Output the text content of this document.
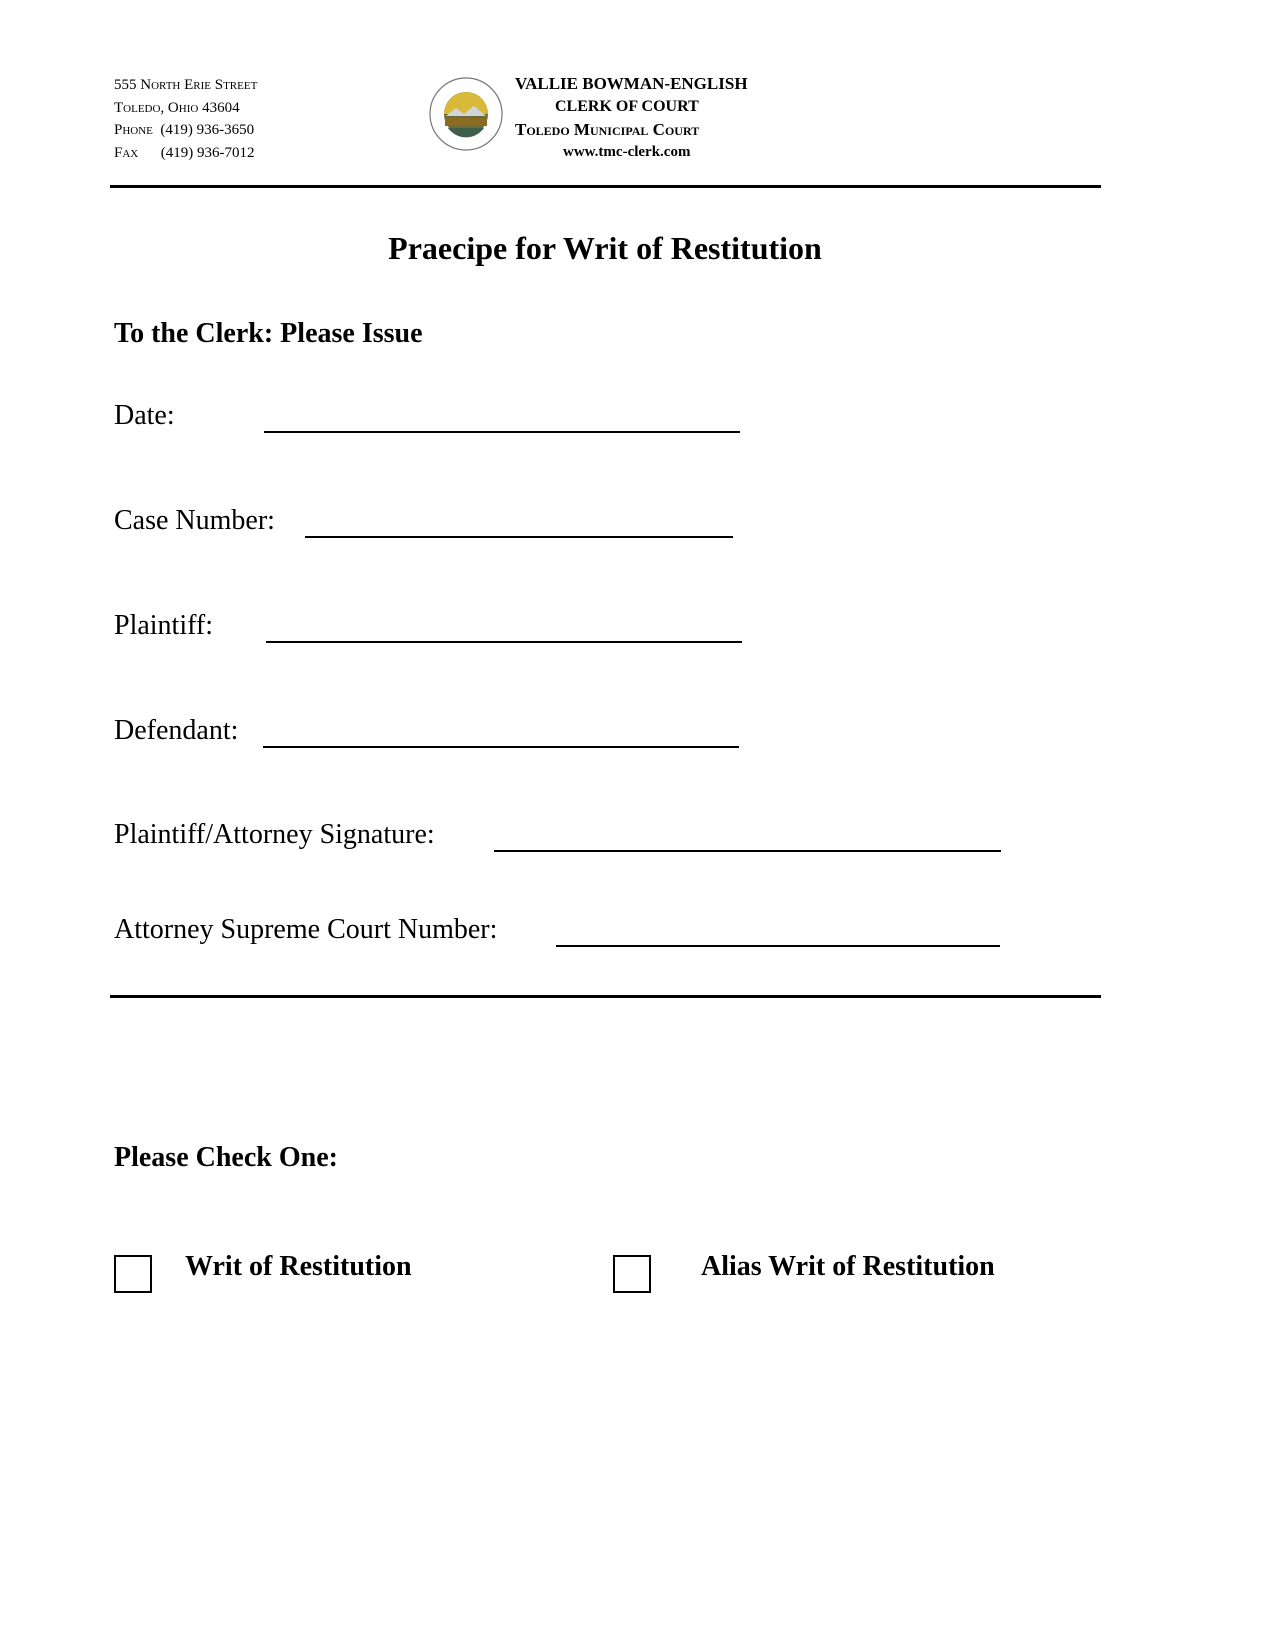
555 North Erie Street
Toledo, Ohio 43604
Phone  (419) 936-3650
Fax      (419) 936-7012
VALLIE BOWMAN-ENGLISH
CLERK OF COURT
Toledo Municipal Court
www.tmc-clerk.com
Praecipe for Writ of Restitution
To the Clerk: Please Issue
Date:
Case Number:
Plaintiff:
Defendant:
Plaintiff/Attorney Signature:
Attorney Supreme Court Number:
Please Check One:
Writ of Restitution	Alias Writ of Restitution
